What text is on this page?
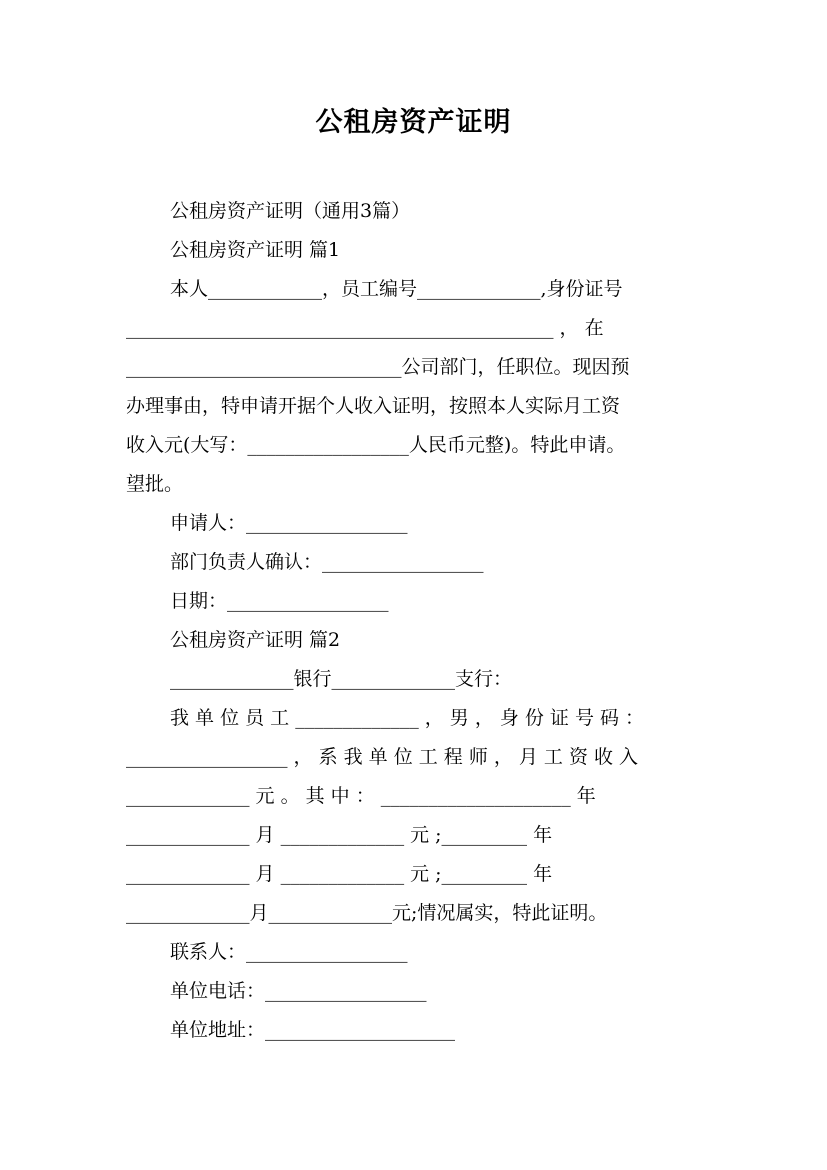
公租房资产证明
公租房资产证明（通用3篇）
公租房资产证明 篇1
本人____________，员工编号_____________,身份证号
_____________________________________________ ， 在
_____________________________公司部门，任职位。现因预
办理事由，特申请开据个人收入证明，按照本人实际月工资
收入元(大写：_________________人民币元整)。特此申请。
望批。
申请人：_________________
部门负责人确认：_________________
日期：_________________
公租房资产证明 篇2
_____________银行_____________支行：
我 单 位 员 工 _____________ ， 男 ， 身 份 证 号 码 ：
_________________ ， 系 我 单 位 工 程 师 ， 月 工 资 收 入
_____________ 元 。 其 中 ： ____________________ 年
_____________ 月 _____________ 元 ;_________ 年
_____________ 月 _____________ 元 ;_________ 年
_____________月_____________元;情况属实，特此证明。
联系人：_________________
单位电话：_________________
单位地址：____________________
